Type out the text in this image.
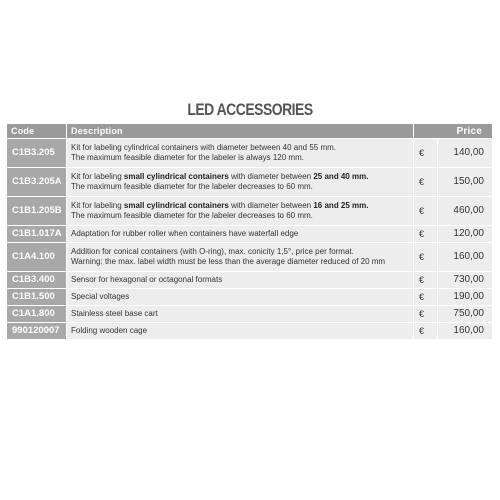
LED ACCESSORIES
Code	Description	Price	
C1B3.205	Kit for labeling cylindrical containers with diameter between 40 and 55 mm.
The maximum feasible diameter for the labeler is always 120 mm.	€	140,00
C1B3.205A	Kit for labeling small cylindrical containers with diameter between 25 and 40 mm.
The maximum feasible diameter for the labeler decreases to 60 mm.	€	150,00
C1B1.205B	Kit for labeling small cylindrical containers with diameter between 16 and 25 mm.
The maximum feasible diameter for the labeler decreases to 60 mm.	€	460,00
C1B1.017A	Adaptation for rubber roller when containers have waterfall edge	€	120,00
C1A4.100	Addition for conical containers (with O-ring), max. conicity 1,5°, price per format.
Warning: the max. label width must be less than the average diameter reduced of 20 mm	€	160,00
C1B3.400	Sensor for hexagonal or octagonal formats	€	730,00
C1B1.500	Special voltages	€	190,00
C1A1.800	Stainless steel base cart	€	750,00
990120007	Folding wooden cage	€	160,00
